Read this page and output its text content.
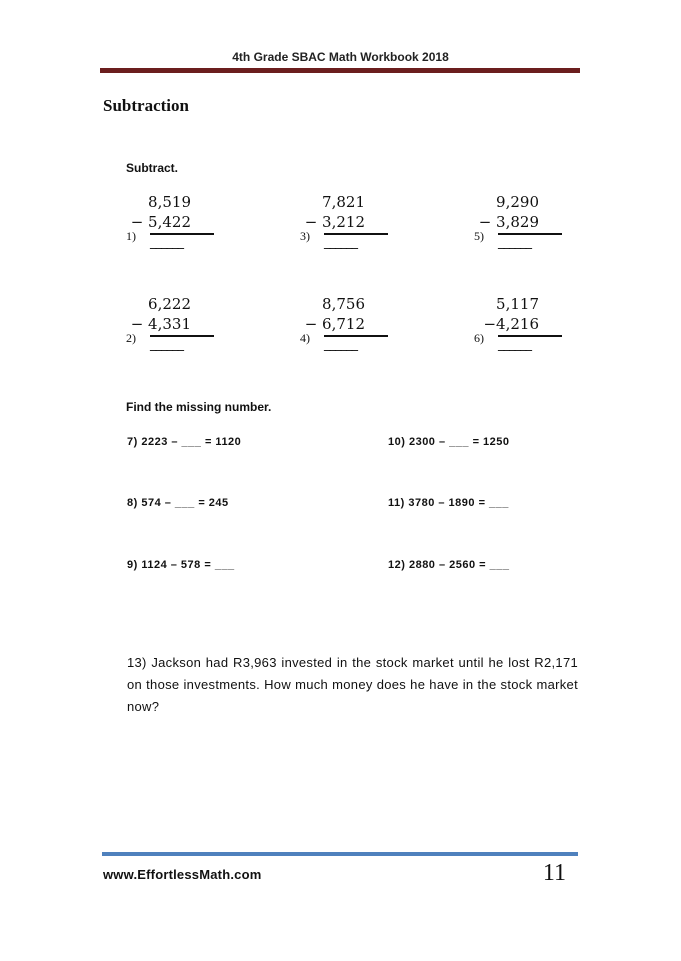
4th Grade SBAC Math Workbook 2018
Subtraction
Subtract.
1)
8,519
− 5,422
______	3)
7,821
− 3,212
______	5)
9,290
− 3,829
______
2)
6,222
− 4,331
______	4)
8,756
− 6,712
______	6)
5,117
−4,216
______
Find the missing number.
7) 2223 – ___ = 1120	10) 2300 – ___ = 1250
8) 574 – ___ = 245	11) 3780 – 1890 = ___
9) 1124 – 578 = ___	12) 2880 – 2560 = ___
13) Jackson had R3,963 invested in the stock market until he lost R2,171 on those investments. How much money does he have in the stock market now?
www.EffortlessMath.com	11
